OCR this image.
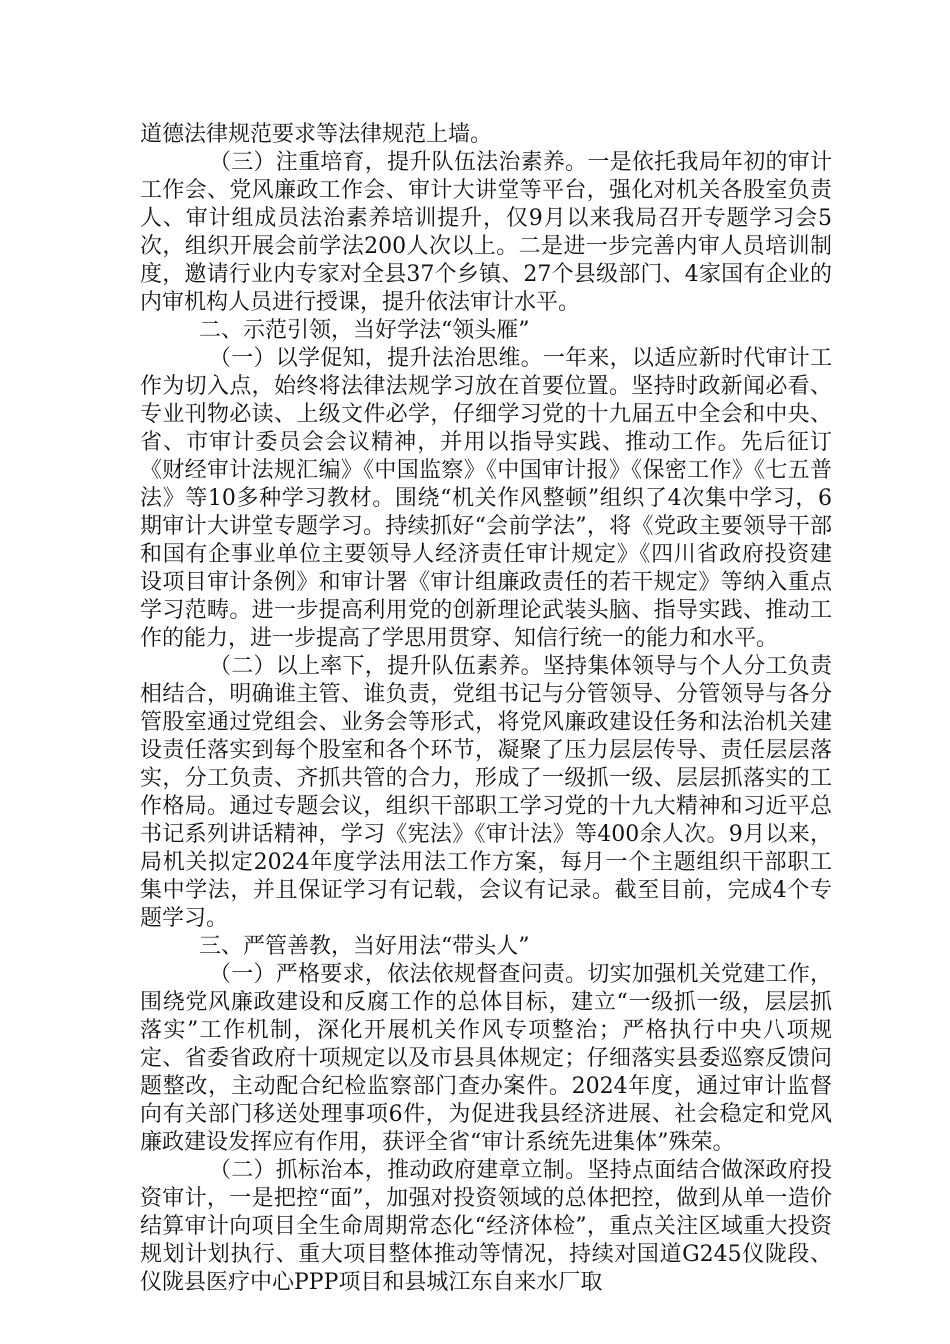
道德法律规范要求等法律规范上墙。

（三）注重培育，提升队伍法治素养。一是依托我局年初的审计工作会、党风廉政工作会、审计大讲堂等平台，强化对机关各股室负责人、审计组成员法治素养培训提升，仅9月以来我局召开专题学习会5次，组织开展会前学法200人次以上。二是进一步完善内审人员培训制度，邀请行业内专家对全县37个乡镇、27个县级部门、4家国有企业的内审机构人员进行授课，提升依法审计水平。

二、示范引领，当好学法“领头雁”

（一）以学促知，提升法治思维。一年来，以适应新时代审计工作为切入点，始终将法律法规学习放在首要位置。坚持时政新闻必看、专业刊物必读、上级文件必学，仔细学习党的十九届五中全会和中央、省、市审计委员会会议精神，并用以指导实践、推动工作。先后征订《财经审计法规汇编》《中国监察》《中国审计报》《保密工作》《七五普法》等10多种学习教材。围绕“机关作风整顿”组织了4次集中学习，6期审计大讲堂专题学习。持续抓好“会前学法”，将《党政主要领导干部和国有企事业单位主要领导人经济责任审计规定》《四川省政府投资建设项目审计条例》和审计署《审计组廉政责任的若干规定》等纳入重点学习范畴。进一步提高利用党的创新理论武装头脑、指导实践、推动工作的能力，进一步提高了学思用贯穿、知信行统一的能力和水平。

（二）以上率下，提升队伍素养。坚持集体领导与个人分工负责相结合，明确谁主管、谁负责，党组书记与分管领导、分管领导与各分管股室通过党组会、业务会等形式，将党风廉政建设任务和法治机关建设责任落实到每个股室和各个环节，凝聚了压力层层传导、责任层层落实，分工负责、齐抓共管的合力，形成了一级抓一级、层层抓落实的工作格局。通过专题会议，组织干部职工学习党的十九大精神和习近平总书记系列讲话精神，学习《宪法》《审计法》等400余人次。9月以来，局机关拟定2024年度学法用法工作方案，每月一个主题组织干部职工集中学法，并且保证学习有记载，会议有记录。截至目前，完成4个专题学习。

三、严管善教，当好用法“带头人”

（一）严格要求，依法依规督查问责。切实加强机关党建工作，围绕党风廉政建设和反腐工作的总体目标，建立“一级抓一级，层层抓落实”工作机制，深化开展机关作风专项整治；严格执行中央八项规定、省委省政府十项规定以及市县具体规定；仔细落实县委巡察反馈问题整改，主动配合纪检监察部门查办案件。2024年度，通过审计监督向有关部门移送处理事项6件，为促进我县经济进展、社会稳定和党风廉政建设发挥应有作用，获评全省“审计系统先进集体”殊荣。

（二）抓标治本，推动政府建章立制。坚持点面结合做深政府投资审计，一是把控“面”，加强对投资领域的总体把控，做到从单一造价结算审计向项目全生命周期常态化“经济体检”，重点关注区域重大投资规划计划执行、重大项目整体推动等情况，持续对国道G245仪陇段、仪陇县医疗中心PPP项目和县城江东自来水厂取
